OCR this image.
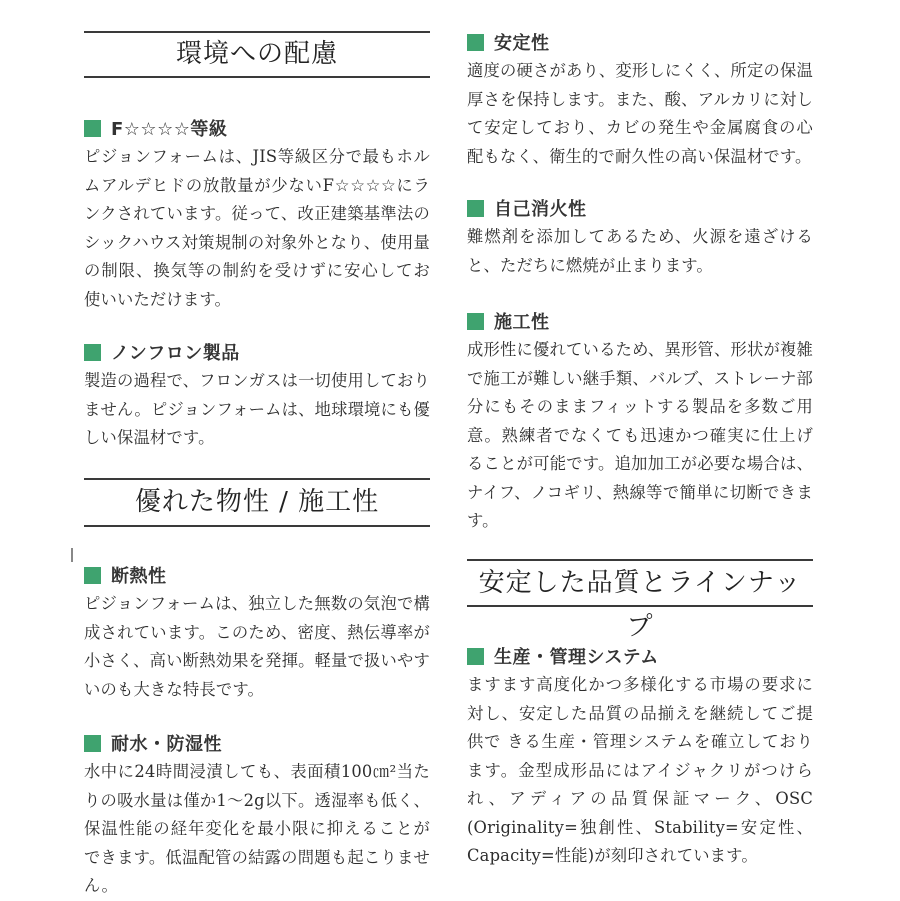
環境への配慮
F☆☆☆☆等級

ピジョンフォームは、JIS等級区分で最もホルムアルデヒドの放散量が少ないF☆☆☆☆にランクされています。従って、改正建築基準法のシックハウス対策規制の対象外となり、使用量の制限、換気等の制約を受けずに安心してお使いいただけます。

ノンフロン製品

製造の過程で、フロンガスは一切使用しておりません。ピジョンフォームは、地球環境にも優しい保温材です。

優れた物性 / 施工性
断熱性

ピジョンフォームは、独立した無数の気泡で構成されています。このため、密度、熱伝導率が小さく、高い断熱効果を発揮。軽量で扱いやすいのも大きな特長です。

耐水・防湿性

水中に24時間浸漬しても、表面積100㎝²当たりの吸水量は僅か1～2g以下。透湿率も低く、保温性能の経年変化を最小限に抑えることができます。低温配管の結露の問題も起こりません。

安定性

適度の硬さがあり、変形しにくく、所定の保温厚さを保持します。また、酸、アルカリに対して安定しており、カビの発生や金属腐食の心配もなく、衛生的で耐久性の高い保温材です。

自己消火性

難燃剤を添加してあるため、火源を遠ざけると、ただちに燃焼が止まります。

施工性

成形性に優れているため、異形管、形状が複雑で施工が難しい継手類、バルブ、ストレーナ部分にもそのままフィットする製品を多数ご用意。熟練者でなくても迅速かつ確実に仕上げることが可能です。追加加工が必要な場合は、ナイフ、ノコギリ、熱線等で簡単に切断できます。

安定した品質とラインナップ
生産・管理システム

ますます高度化かつ多様化する市場の要求に対し、安定した品質の品揃えを継続してご提供で きる生産・管理システムを確立しております。金型成形品にはアイジャクリがつけられ、アディアの品質保証マーク、OSC (Originality=独創性、Stability=安定性、Capacity=性能)が刻印されています。
